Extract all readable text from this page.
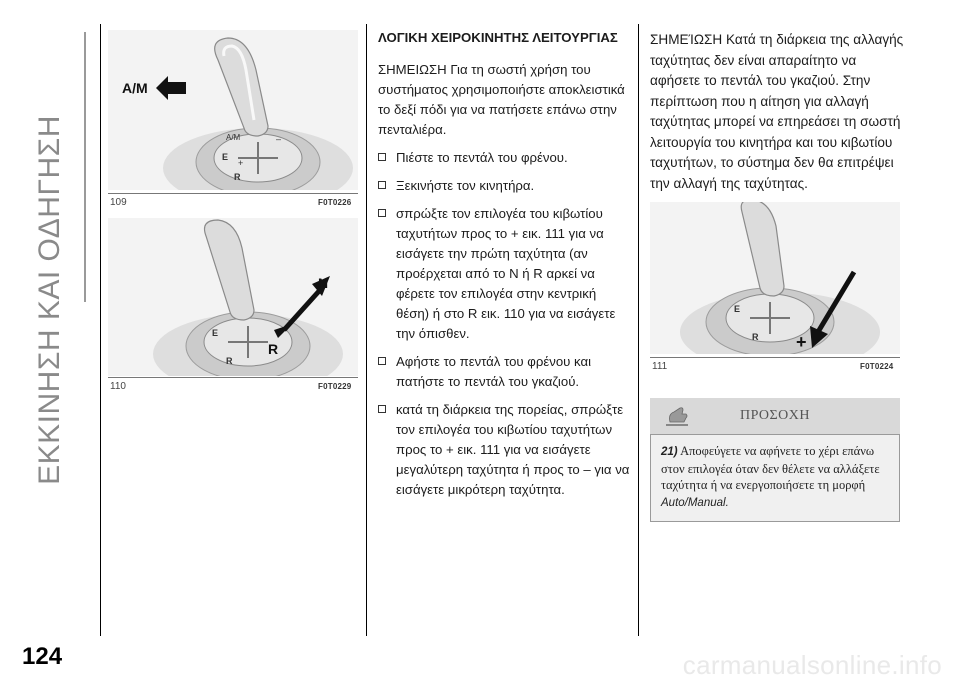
ΕΚΚΙΝΗΣΗ ΚΑΙ ΟΔΗΓΗΣΗ	A/M	–
E
+
R
A/M
109	F0T0226
E
R
N
R
110	F0T0229

ΛΟΓΙΚΗ ΧΕΙΡΟΚΙΝΗΤΗΣ ΛΕΙΤΟΥΡΓΙΑΣ

ΣΗΜΕΙΩΣΗ Για τη σωστή χρήση του συστήματος χρησιμοποιήστε αποκλειστικά το δεξί πόδι για να πατήσετε επάνω στην πενταλιέρα.

Πιέστε το πεντάλ του φρένου.

Ξεκινήστε τον κινητήρα.

σπρώξτε τον επιλογέα του κιβωτίου ταχυτήτων προς το + εικ. 111 για να εισάγετε την πρώτη ταχύτητα (αν προέρχεται από το N ή R αρκεί να φέρετε τον επιλογέα στην κεντρική θέση) ή στο R εικ. 110 για να εισάγετε την όπισθεν.

Αφήστε το πεντάλ του φρένου και πατήστε το πεντάλ του γκαζιού.

κατά τη διάρκεια της πορείας, σπρώξτε τον επιλογέα του κιβωτίου ταχυτήτων προς το + εικ. 111 για να εισάγετε μεγαλύτερη ταχύτητα ή προς το – για να εισάγετε μικρότερη ταχύτητα.

ΣΗΜΕΊΩΣΗ Κατά τη διάρκεια της αλλαγής ταχύτητας δεν είναι απαραίτητο να αφήσετε το πεντάλ του γκαζιού. Στην περίπτωση που η αίτηση για αλλαγή ταχύτητας μπορεί να επηρεάσει τη σωστή λειτουργία του κινητήρα και του κιβωτίου ταχυτήτων, το σύστημα δεν θα επιτρέψει την αλλαγή της ταχύτητας.

E
R +
111	F0T0224
ΠΡΟΣΟΧΗ
21) Αποφεύγετε να αφήνετε το χέρι επάνω στον επιλογέα όταν δεν θέλετε να αλλάξετε ταχύτητα ή να ενεργοποιήσετε τη μορφή Auto/Manual.
124	carmanualsonline.info
